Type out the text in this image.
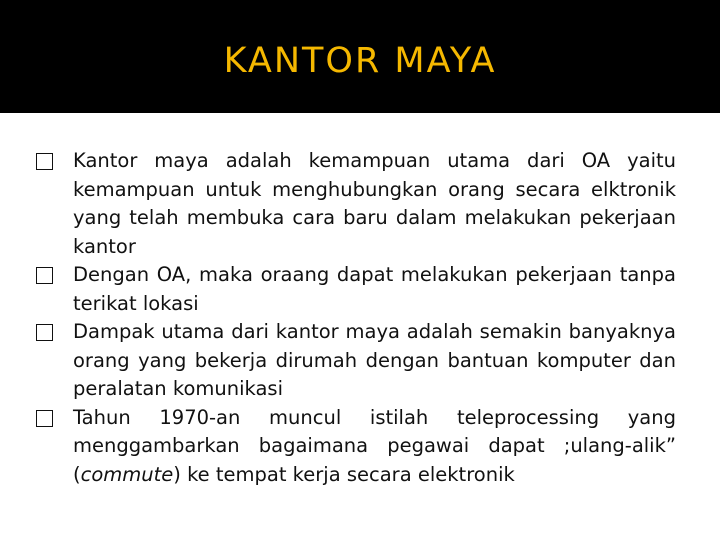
KANTOR MAYA
Kantor maya adalah kemampuan utama dari OA yaitu kemampuan untuk menghubungkan orang secara elktronik yang telah membuka cara baru dalam melakukan pekerjaan kantor
Dengan OA, maka oraang dapat melakukan pekerjaan tanpa terikat lokasi
Dampak utama dari kantor maya adalah semakin banyaknya orang yang bekerja dirumah dengan bantuan komputer dan peralatan komunikasi
Tahun 1970-an muncul istilah teleprocessing yang menggambarkan bagaimana pegawai dapat ;ulang-alik” (commute) ke tempat kerja secara elektronik
